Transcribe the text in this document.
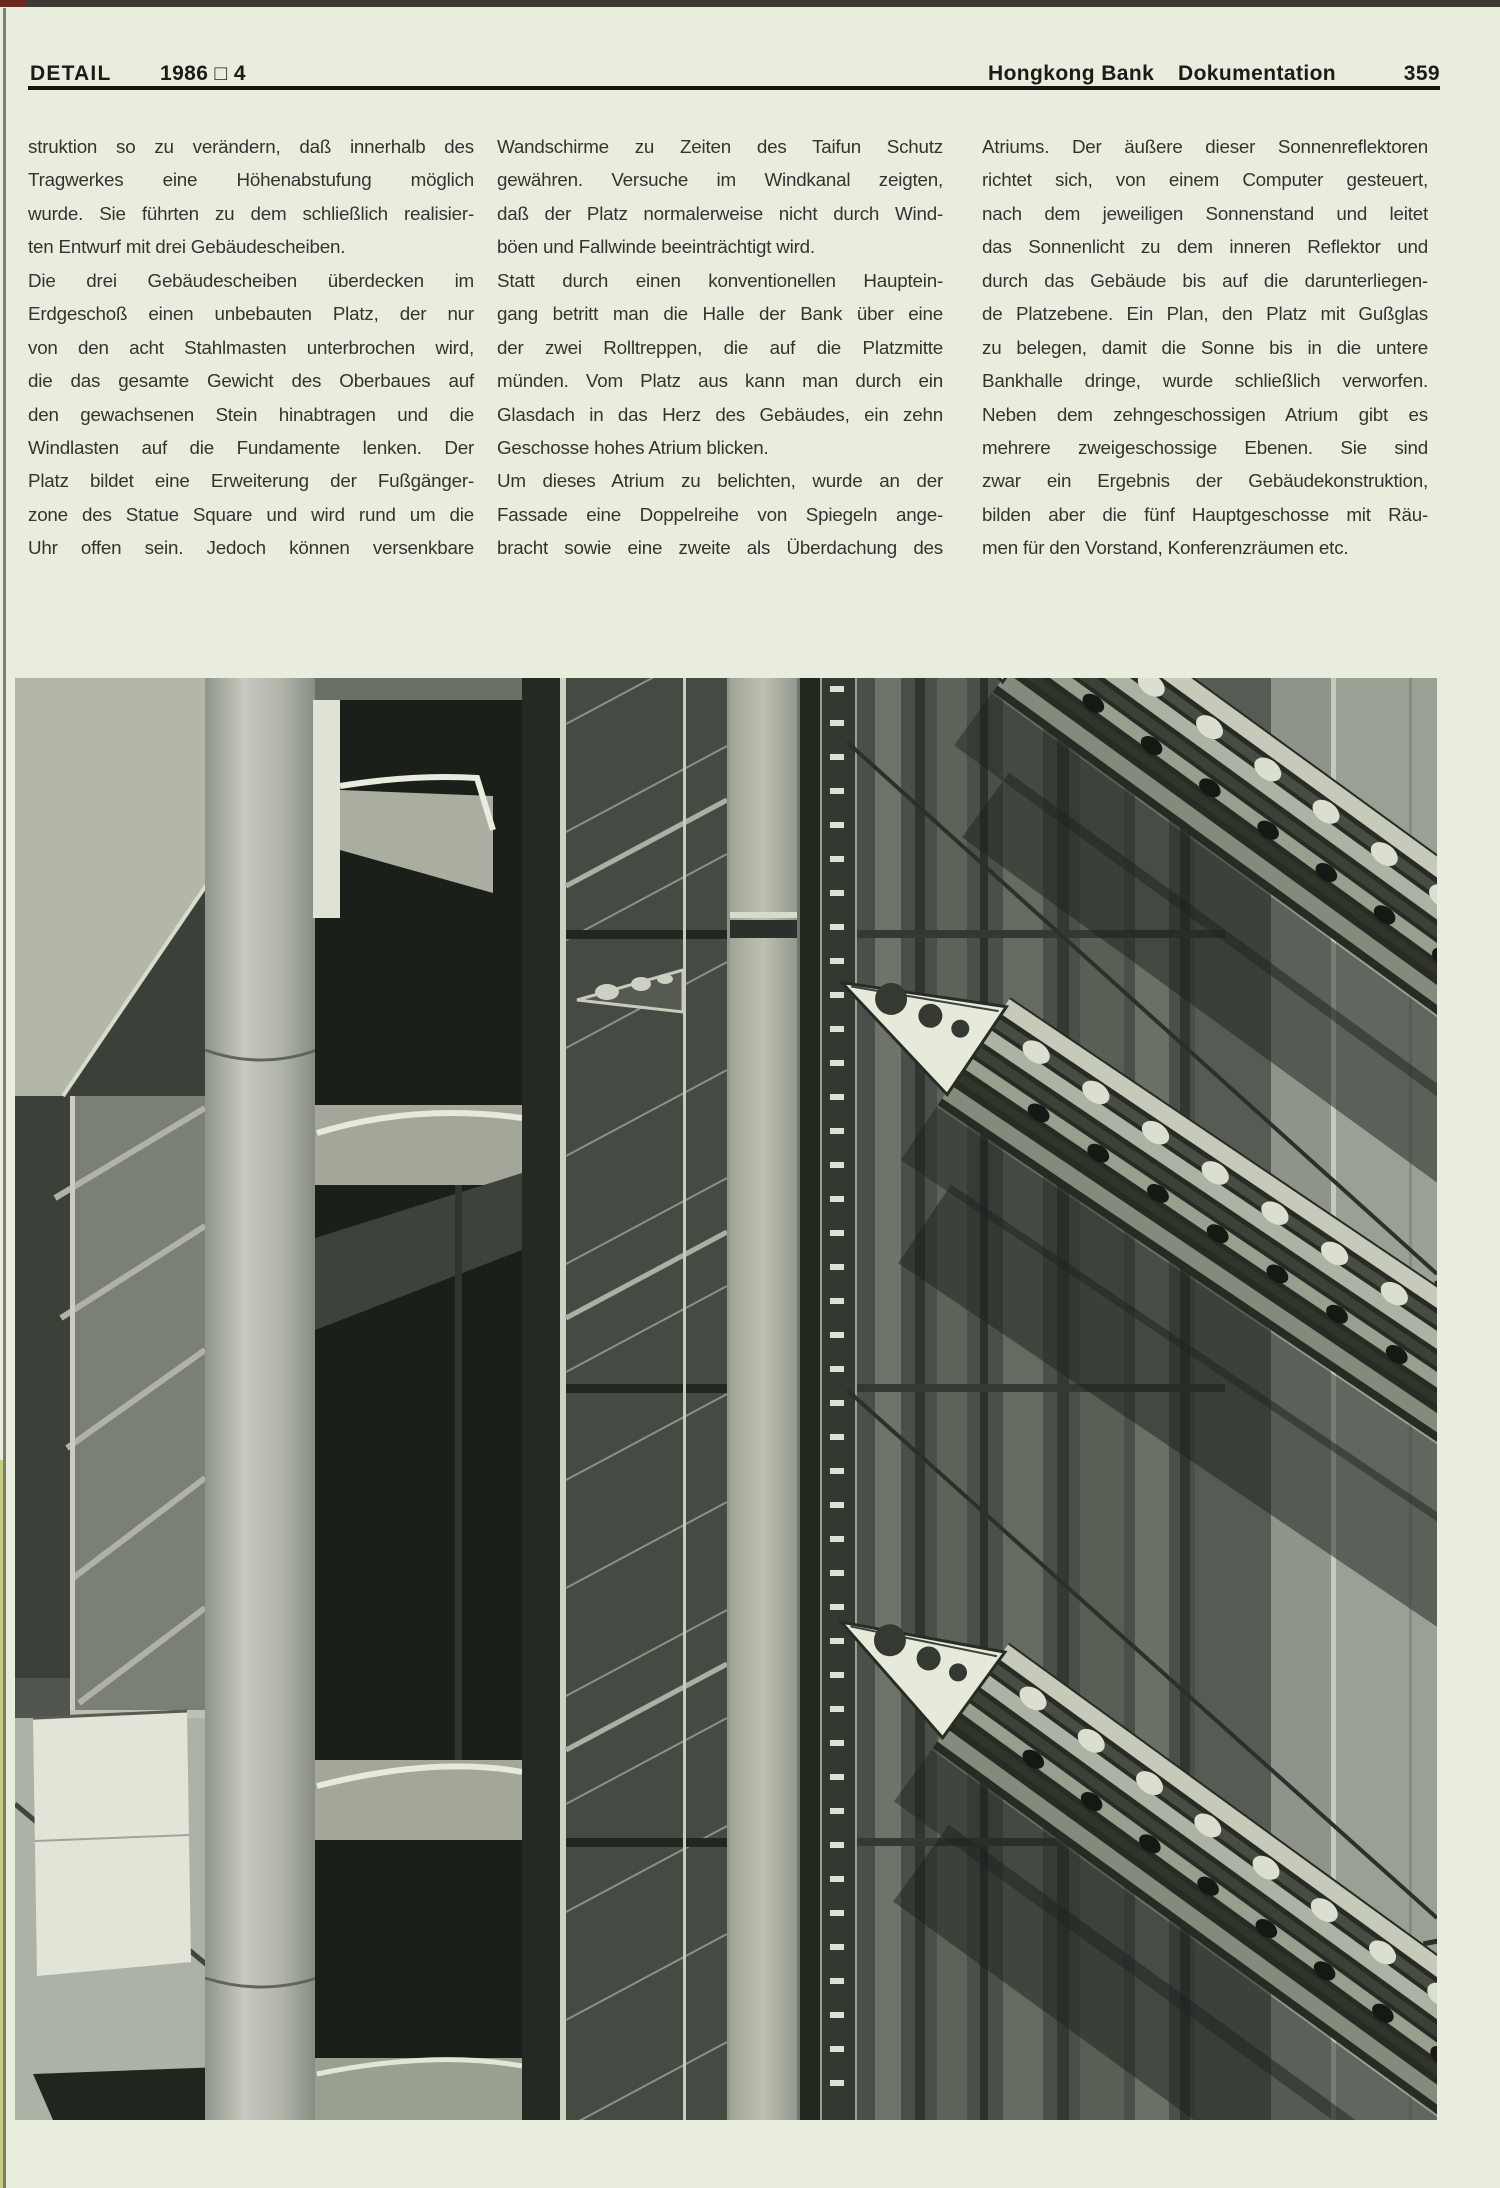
DETAIL 1986 □ 4	Hongkong Bank Dokumentation	359
struktion so zu verändern, daß innerhalb des
Tragwerkes eine Höhenabstufung möglich
wurde. Sie führten zu dem schließlich realisier-
ten Entwurf mit drei Gebäudescheiben.
Die drei Gebäudescheiben überdecken im
Erdgeschoß einen unbebauten Platz, der nur
von den acht Stahlmasten unterbrochen wird,
die das gesamte Gewicht des Oberbaues auf
den gewachsenen Stein hinabtragen und die
Windlasten auf die Fundamente lenken. Der
Platz bildet eine Erweiterung der Fußgänger-
zone des Statue Square und wird rund um die
Uhr offen sein. Jedoch können versenkbare
Wandschirme zu Zeiten des Taifun Schutz
gewähren. Versuche im Windkanal zeigten,
daß der Platz normalerweise nicht durch Wind-
böen und Fallwinde beeinträchtigt wird.
Statt durch einen konventionellen Hauptein-
gang betritt man die Halle der Bank über eine
der zwei Rolltreppen, die auf die Platzmitte
münden. Vom Platz aus kann man durch ein
Glasdach in das Herz des Gebäudes, ein zehn
Geschosse hohes Atrium blicken.
Um dieses Atrium zu belichten, wurde an der
Fassade eine Doppelreihe von Spiegeln ange-
bracht sowie eine zweite als Überdachung des
Atriums. Der äußere dieser Sonnenreflektoren
richtet sich, von einem Computer gesteuert,
nach dem jeweiligen Sonnenstand und leitet
das Sonnenlicht zu dem inneren Reflektor und
durch das Gebäude bis auf die darunterliegen-
de Platzebene. Ein Plan, den Platz mit Gußglas
zu belegen, damit die Sonne bis in die untere
Bankhalle dringe, wurde schließlich verworfen.
Neben dem zehngeschossigen Atrium gibt es
mehrere zweigeschossige Ebenen. Sie sind
zwar ein Ergebnis der Gebäudekonstruktion,
bilden aber die fünf Hauptgeschosse mit Räu-
men für den Vorstand, Konferenzräumen etc.
